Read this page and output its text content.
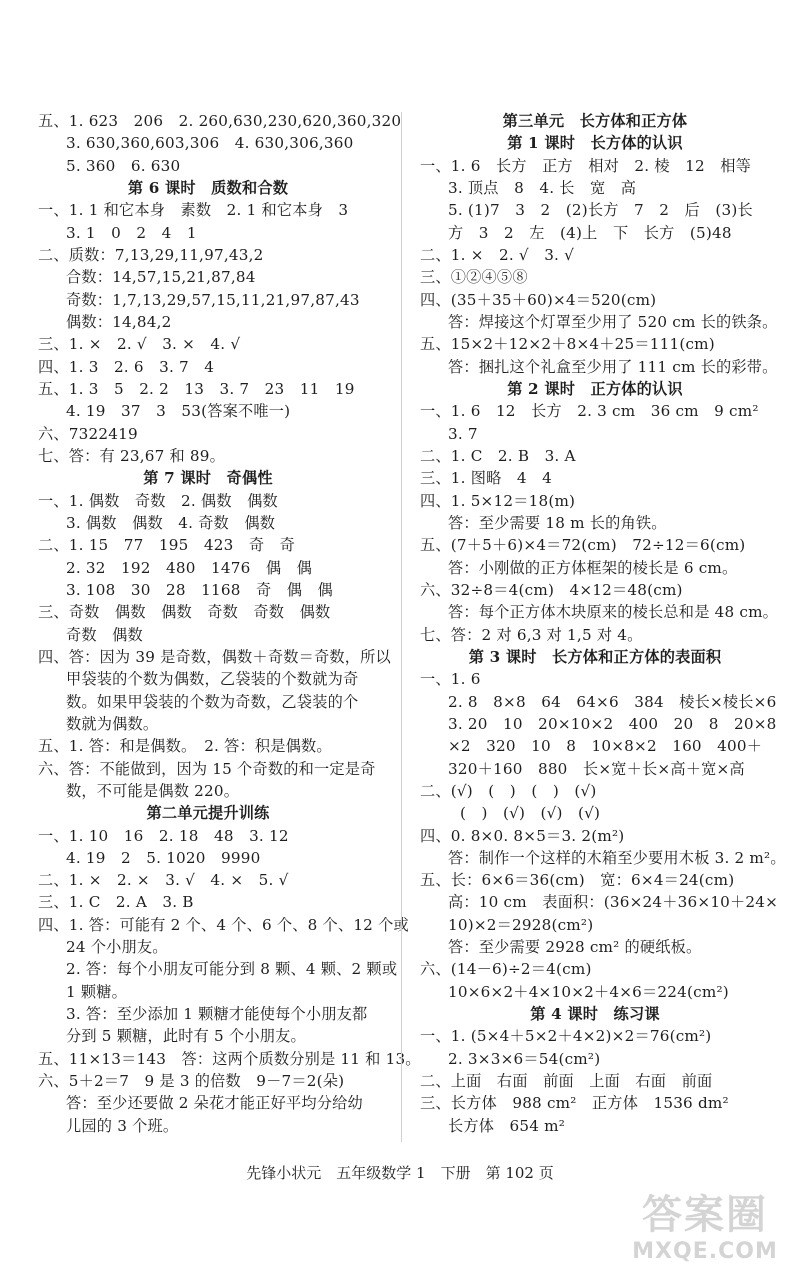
五、1. 623　206　2. 260,630,230,620,360,320
3. 630,360,603,306　4. 630,306,360
5. 360　6. 630
第 6 课时　质数和合数
一、1. 1 和它本身　素数　2. 1 和它本身　3
3. 1　0　2　4　1
二、质数：7,13,29,11,97,43,2
合数：14,57,15,21,87,84
奇数：1,7,13,29,57,15,11,21,97,87,43
偶数：14,84,2
三、1. ×　2. √　3. ×　4. √
四、1. 3　2. 6　3. 7　4
五、1. 3　5　2. 2　13　3. 7　23　11　19
4. 19　37　3　53(答案不唯一)
六、7322419
七、答：有 23,67 和 89。
第 7 课时　奇偶性
一、1. 偶数　奇数　2. 偶数　偶数
3. 偶数　偶数　4. 奇数　偶数
二、1. 15　77　195　423　奇　奇
2. 32　192　480　1476　偶　偶
3. 108　30　28　1168　奇　偶　偶
三、奇数　偶数　偶数　奇数　奇数　偶数
奇数　偶数
四、答：因为 39 是奇数，偶数＋奇数＝奇数，所以
甲袋装的个数为偶数，乙袋装的个数就为奇
数。如果甲袋装的个数为奇数，乙袋装的个
数就为偶数。
五、1. 答：和是偶数。　2. 答：积是偶数。
六、答：不能做到，因为 15 个奇数的和一定是奇
数，不可能是偶数 220。
第二单元提升训练
一、1. 10　16　2. 18　48　3. 12
4. 19　2　5. 1020　9990
二、1. ×　2. ×　3. √　4. ×　5. √
三、1. C　2. A　3. B
四、1. 答：可能有 2 个、4 个、6 个、8 个、12 个或
24 个小朋友。
2. 答：每个小朋友可能分到 8 颗、4 颗、2 颗或
1 颗糖。
3. 答：至少添加 1 颗糖才能使每个小朋友都
分到 5 颗糖，此时有 5 个小朋友。
五、11×13＝143　答：这两个质数分别是 11 和 13。
六、5＋2＝7　9 是 3 的倍数　9－7＝2(朵)
答：至少还要做 2 朵花才能正好平均分给幼
儿园的 3 个班。
第三单元　长方体和正方体
第 1 课时　长方体的认识
一、1. 6　长方　正方　相对　2. 棱　12　相等
3. 顶点　8　4. 长　宽　高
5. (1)7　3　2　(2)长方　7　2　后　(3)长
方　3　2　左　(4)上　下　长方　(5)48
二、1. ×　2. √　3. √
三、①②④⑤⑧
四、(35＋35＋60)×4＝520(cm)
答：焊接这个灯罩至少用了 520 cm 长的铁条。
五、15×2＋12×2＋8×4＋25＝111(cm)
答：捆扎这个礼盒至少用了 111 cm 长的彩带。
第 2 课时　正方体的认识
一、1. 6　12　长方　2. 3 cm　36 cm　9 cm²
3. 7
二、1. C　2. B　3. A
三、1. 图略　4　4
四、1. 5×12＝18(m)
答：至少需要 18 m 长的角铁。
五、(7＋5＋6)×4＝72(cm)　72÷12＝6(cm)
答：小刚做的正方体框架的棱长是 6 cm。
六、32÷8＝4(cm)　4×12＝48(cm)
答：每个正方体木块原来的棱长总和是 48 cm。
七、答：2 对 6,3 对 1,5 对 4。
第 3 课时　长方体和正方体的表面积
一、1. 6
2. 8　8×8　64　64×6　384　棱长×棱长×6
3. 20　10　20×10×2　400　20　8　20×8
×2　320　10　8　10×8×2　160　400＋
320＋160　880　长×宽＋长×高＋宽×高
二、(√)　(　)　(　)　(√)
(　)　(√)　(√)　(√)
四、0. 8×0. 8×5＝3. 2(m²)
答：制作一个这样的木箱至少要用木板 3. 2 m²。
五、长：6×6＝36(cm)　宽：6×4＝24(cm)
高：10 cm　表面积：(36×24＋36×10＋24×
10)×2＝2928(cm²)
答：至少需要 2928 cm² 的硬纸板。
六、(14－6)÷2＝4(cm)
10×6×2＋4×10×2＋4×6＝224(cm²)
第 4 课时　练习课
一、1. (5×4＋5×2＋4×2)×2＝76(cm²)
2. 3×3×6＝54(cm²)
二、上面　右面　前面　上面　右面　前面
三、长方体　988 cm²　正方体　1536 dm²
长方体　654 m²
先锋小状元　五年级数学 1　下册　第 102 页
答案圈
MXQE.COM
